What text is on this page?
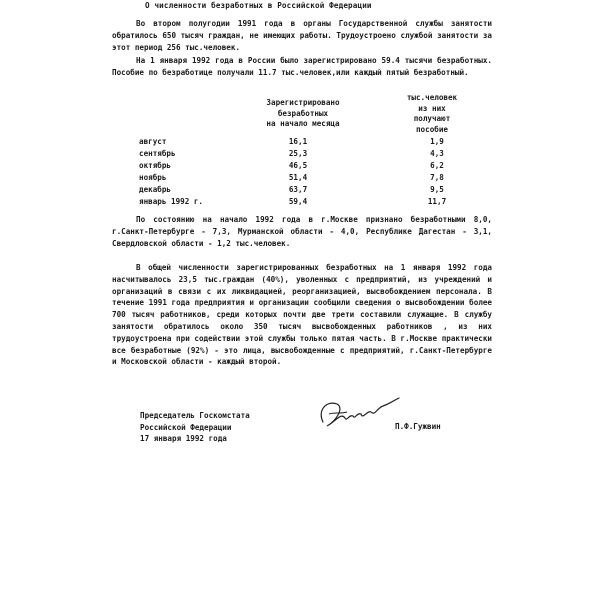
О численности безработных в Российской Федерации

Во втором полугодии 1991 года в органы Государственной службы занятости обратилось 650 тысяч граждан, не имеющих работы. Трудоустроено службой занятости за этот период 256 тыс.человек.

На 1 января 1992 года в России было зарегистрировано 59.4 тысячи безработных. Пособие по безработице получали 11.7 тыс.человек,или каждый пятый безработный.

Зарегистрировано
безработных
на начало месяца
тыс.человек
из них
получают
пособие
август	16,1	1,9
сентябрь	25,3	4,3
октябрь	46,5	6,2
ноябрь	51,4	7,8
декабрь	63,7	9,5
январь 1992 г.	59,4	11,7

По состоянию на начало 1992 года в г.Москве признано безработными 8,0, г.Санкт-Петербурге - 7,3, Мурманской области - 4,0, Республике Дагестан - 3,1, Свердловской области - 1,2 тыс.человек.

В общей численности зарегистрированных безработных на 1 января 1992 года насчитывалось 23,5 тыс.граждан (40%), уволенных с предприятий, из учреждений и организаций в связи с их ликвидацией, реорганизацией, высвобождением персонала. В течение 1991 года предприятия и организации сообщили сведения о высвобождении более 700 тысяч работников, среди которых почти две трети составили служащие. В службу занятости обратилось около 350 тысяч высвобожденных работников , из них трудоустроена при содействии этой службы только пятая часть. В г.Москве практически все безработные (92%) - это лица, высвобожденные с предприятий, г.Санкт-Петербурге и Московской области - каждый второй.

Председатель Госкомстата
Российской Федерации
17 января 1992 года
П.Ф.Гужвин
